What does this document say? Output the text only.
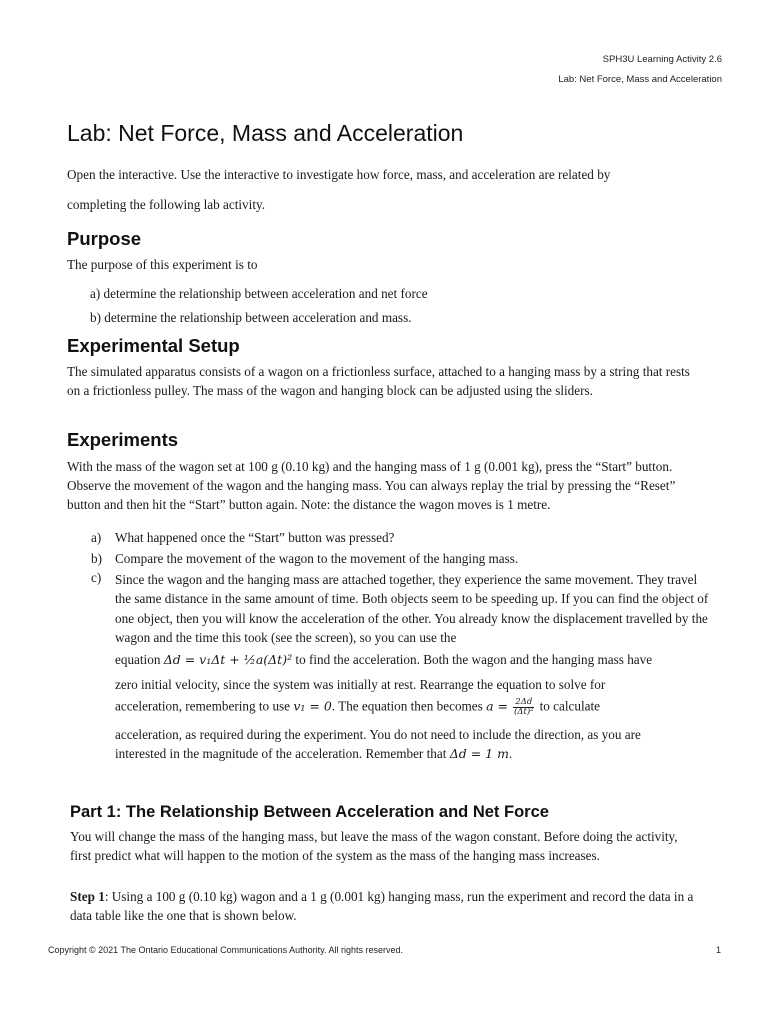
SPH3U Learning Activity 2.6
Lab: Net Force, Mass and Acceleration
Lab: Net Force, Mass and Acceleration
Open the interactive. Use the interactive to investigate how force, mass, and acceleration are related by
completing the following lab activity.
Purpose
The purpose of this experiment is to
a) determine the relationship between acceleration and net force
b) determine the relationship between acceleration and mass.
Experimental Setup
The simulated apparatus consists of a wagon on a frictionless surface, attached to a hanging mass by a string that rests on a frictionless pulley. The mass of the wagon and hanging block can be adjusted using the sliders.
Experiments
With the mass of the wagon set at 100 g (0.10 kg) and the hanging mass of 1 g (0.001 kg), press the “Start” button. Observe the movement of the wagon and the hanging mass. You can always replay the trial by pressing the “Reset” button and then hit the “Start” button again. Note: the distance the wagon moves is 1 metre.
a) What happened once the “Start” button was pressed?
b) Compare the movement of the wagon to the movement of the hanging mass.
c) Since the wagon and the hanging mass are attached together, they experience the same movement. They travel the same distance in the same amount of time. Both objects seem to be speeding up. If you can find the object of one object, then you will know the acceleration of the other. You already know the displacement travelled by the wagon and the time this took (see the screen), so you can use the
equation Δd = v₁Δt + ½a(Δt)² to find the acceleration. Both the wagon and the hanging mass have
zero initial velocity, since the system was initially at rest. Rearrange the equation to solve for
acceleration, remembering to use v₁ = 0. The equation then becomes $a = \frac{2\Delta d}{\text{(Δt)²}}$ to calculate
acceleration, as required during the experiment. You do not need to include the direction, as you are
interested in the magnitude of the acceleration. Remember that Δd = 1 m.
Part 1: The Relationship Between Acceleration and Net Force
You will change the mass of the hanging mass, but leave the mass of the wagon constant. Before doing the activity, first predict what will happen to the motion of the system as the mass of the hanging mass increases.
Step 1: Using a 100 g (0.10 kg) wagon and a 1 g (0.001 kg) hanging mass, run the experiment and record the data in a data table like the one that is shown below.
Copyright © 2021 The Ontario Educational Communications Authority. All rights reserved.	1
